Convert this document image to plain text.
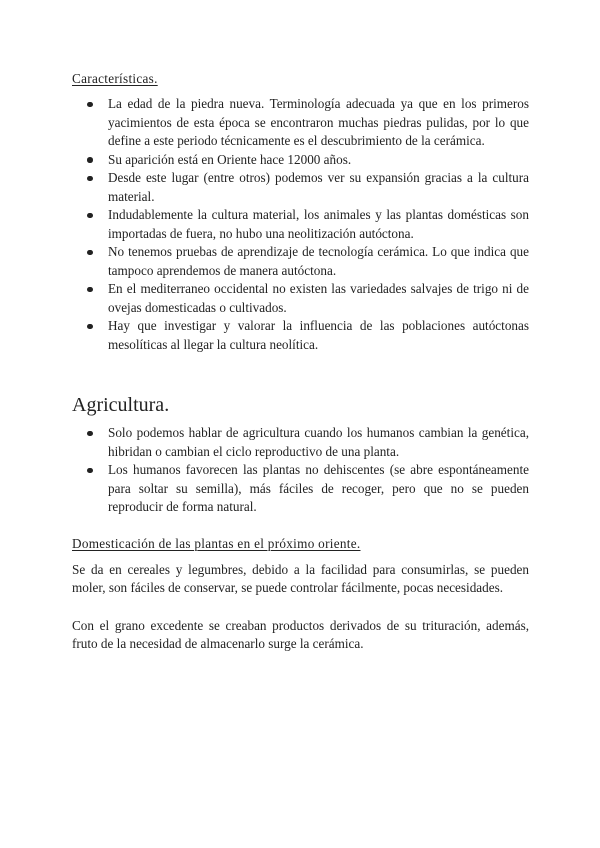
Características.
La edad de la piedra nueva. Terminología adecuada ya que en los primeros yacimientos de esta época se encontraron muchas piedras pulidas, por lo que define a este periodo técnicamente es el descubrimiento de la cerámica.
Su aparición está en Oriente hace 12000 años.
Desde este lugar (entre otros) podemos ver su expansión gracias a la cultura material.
Indudablemente la cultura material, los animales y las plantas domésticas son importadas de fuera, no hubo una neolitización autóctona.
No tenemos pruebas de aprendizaje de tecnología cerámica. Lo que indica que tampoco aprendemos de manera autóctona.
En el mediterraneo occidental no existen las variedades salvajes de trigo ni de ovejas domesticadas o cultivados.
Hay que investigar y valorar la influencia de las poblaciones autóctonas mesolíticas al llegar la cultura neolítica.
Agricultura.
Solo podemos hablar de agricultura cuando los humanos cambian la genética, hibridan o cambian el ciclo reproductivo de una planta.
Los humanos favorecen las plantas no dehiscentes (se abre espontáneamente para soltar su semilla), más fáciles de recoger, pero que no se pueden reproducir de forma natural.
Domesticación de las plantas en el próximo oriente.

Se da en cereales y legumbres, debido a la facilidad para consumirlas, se pueden moler, son fáciles de conservar, se puede controlar fácilmente, pocas necesidades.

Con el grano excedente se creaban productos derivados de su trituración, además, fruto de la necesidad de almacenarlo surge la cerámica.
